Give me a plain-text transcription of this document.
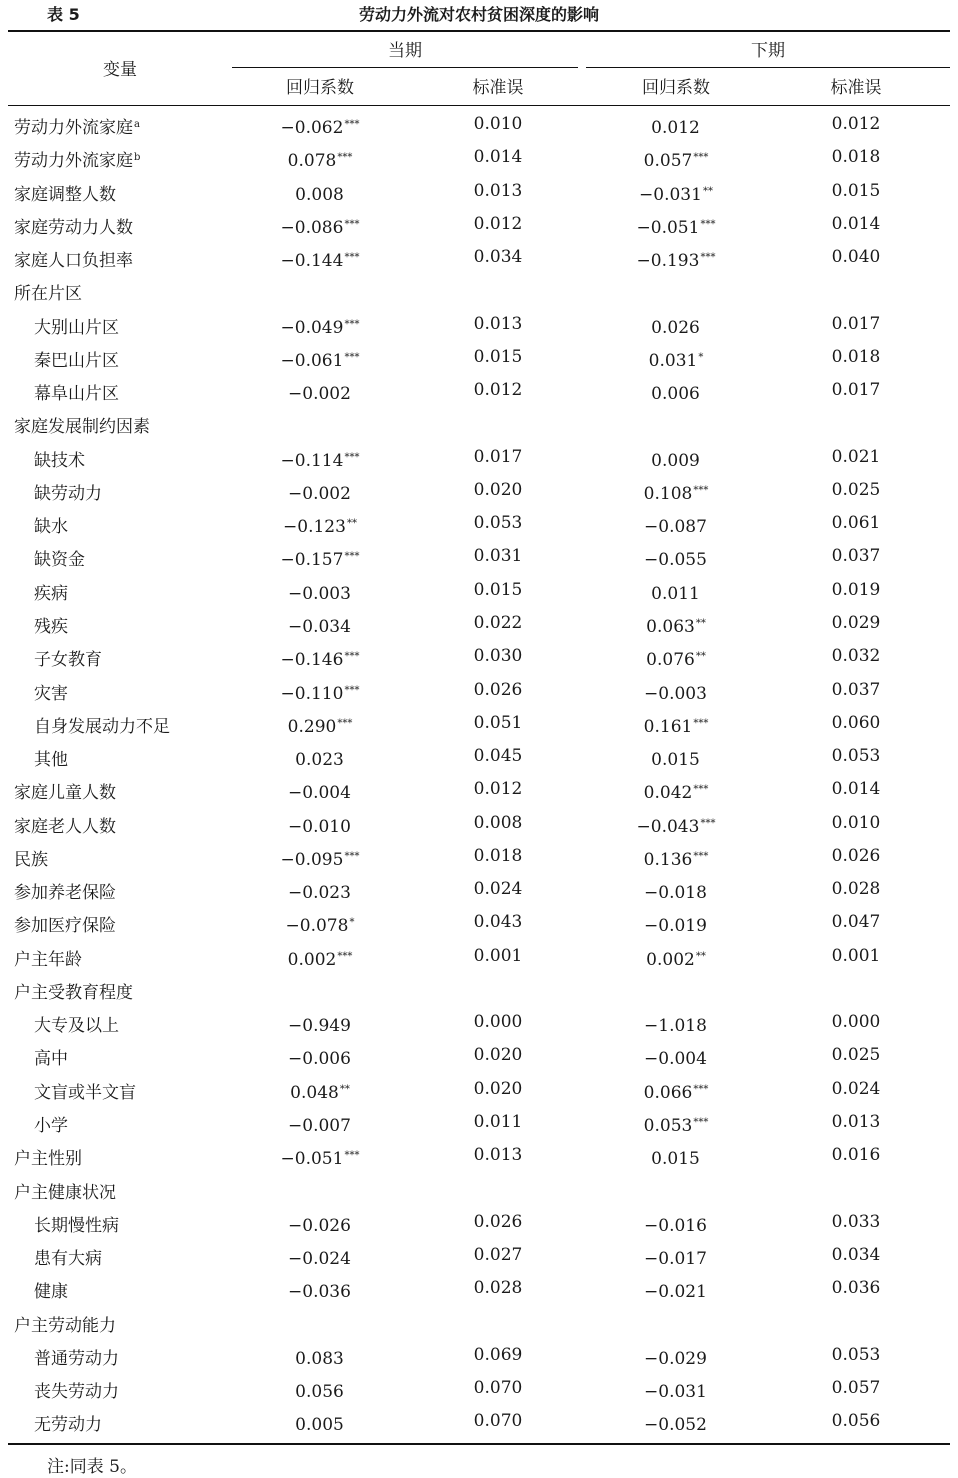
表 5	劳动力外流对农村贫困深度的影响
变量
当期	下期
回归系数	标准误	回归系数	标准误
劳动力外流家庭$^a$	−0.062***	0.010	0.012	0.012
劳动力外流家庭$^b$	0.078***	0.014	0.057***	0.018
家庭调整人数	0.008	0.013	−0.031**	0.015
家庭劳动力人数	−0.086***	0.012	−0.051***	0.014
家庭人口负担率	−0.144***	0.034	−0.193***	0.040
所在片区
大别山片区	−0.049***	0.013	0.026	0.017
秦巴山片区	−0.061***	0.015	0.031*	0.018
幕阜山片区	−0.002	0.012	0.006	0.017
家庭发展制约因素
缺技术	−0.114***	0.017	0.009	0.021
缺劳动力	−0.002	0.020	0.108***	0.025
缺水	−0.123**	0.053	−0.087	0.061
缺资金	−0.157***	0.031	−0.055	0.037
疾病	−0.003	0.015	0.011	0.019
残疾	−0.034	0.022	0.063**	0.029
子女教育	−0.146***	0.030	0.076**	0.032
灾害	−0.110***	0.026	−0.003	0.037
自身发展动力不足	0.290***	0.051	0.161***	0.060
其他	0.023	0.045	0.015	0.053
家庭儿童人数	−0.004	0.012	0.042***	0.014
家庭老人人数	−0.010	0.008	−0.043***	0.010
民族	−0.095***	0.018	0.136***	0.026
参加养老保险	−0.023	0.024	−0.018	0.028
参加医疗保险	−0.078*	0.043	−0.019	0.047
户主年龄	0.002***	0.001	0.002**	0.001
户主受教育程度
大专及以上	−0.949	0.000	−1.018	0.000
高中	−0.006	0.020	−0.004	0.025
文盲或半文盲	0.048**	0.020	0.066***	0.024
小学	−0.007	0.011	0.053***	0.013
户主性别	−0.051***	0.013	0.015	0.016
户主健康状况
长期慢性病	−0.026	0.026	−0.016	0.033
患有大病	−0.024	0.027	−0.017	0.034
健康	−0.036	0.028	−0.021	0.036
户主劳动能力
普通劳动力	0.083	0.069	−0.029	0.053
丧失劳动力	0.056	0.070	−0.031	0.057
无劳动力	0.005	0.070	−0.052	0.056
注:同表 5。
